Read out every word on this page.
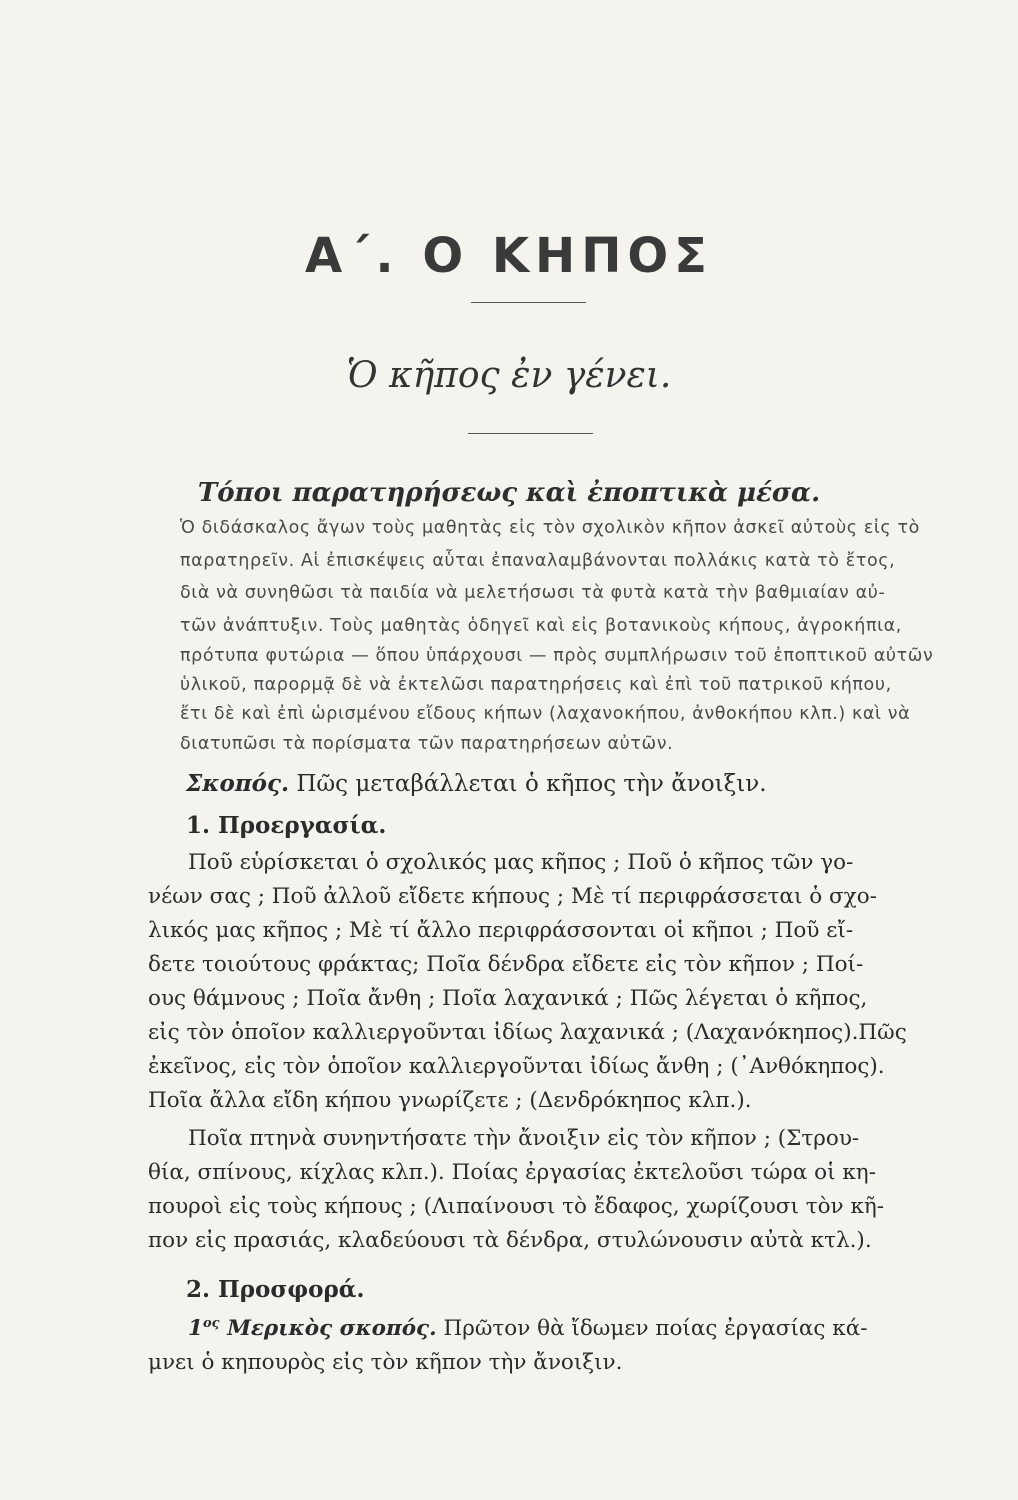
Α΄. Ο ΚΗΠΟΣ
Ὁ κῆπος ἐν γένει.
Τόποι παρατηρήσεως καὶ ἐποπτικὰ μέσα.
Ὁ διδάσκαλος ἄγων τοὺς μαθητὰς εἰς τὸν σχολικὸν κῆπον ἀσκεῖ αὐτοὺς εἰς τὸ
παρατηρεῖν. Αἱ ἐπισκέψεις αὗται ἐπαναλαμβάνονται πολλάκις κατὰ τὸ ἔτος,
διὰ νὰ συνηθῶσι τὰ παιδία νὰ μελετήσωσι τὰ φυτὰ κατὰ τὴν βαθμιαίαν αὐ-
τῶν ἀνάπτυξιν. Τοὺς μαθητὰς ὁδηγεῖ καὶ εἰς βοτανικοὺς κήπους, ἀγροκήπια,
πρότυπα φυτώρια — ὅπου ὑπάρχουσι — πρὸς συμπλήρωσιν τοῦ ἐποπτικοῦ αὐτῶν
ὑλικοῦ, παρορμᾷ δὲ νὰ ἐκτελῶσι παρατηρήσεις καὶ ἐπὶ τοῦ πατρικοῦ κήπου,
ἔτι δὲ καὶ ἐπὶ ὡρισμένου εἴδους κήπων (λαχανοκήπου, ἀνθοκήπου κλπ.) καὶ νὰ
διατυπῶσι τὰ πορίσματα τῶν παρατηρήσεων αὐτῶν.
Σκοπός. Πῶς μεταβάλλεται ὁ κῆπος τὴν ἄνοιξιν.
1. Προεργασία.
Ποῦ εὑρίσκεται ὁ σχολικός μας κῆπος ; Ποῦ ὁ κῆπος τῶν γο-
νέων σας ; Ποῦ ἀλλοῦ εἴδετε κήπους ; Μὲ τί περιφράσσεται ὁ σχο-
λικός μας κῆπος ; Μὲ τί ἄλλο περιφράσσονται οἱ κῆποι ; Ποῦ εἴ-
δετε τοιούτους φράκτας; Ποῖα δένδρα εἴδετε εἰς τὸν κῆπον ; Ποί-
ους θάμνους ; Ποῖα ἄνθη ; Ποῖα λαχανικά ; Πῶς λέγεται ὁ κῆπος,
εἰς τὸν ὁποῖον καλλιεργοῦνται ἰδίως λαχανικά ; (Λαχανόκηπος).Πῶς
ἐκεῖνος, εἰς τὸν ὁποῖον καλλιεργοῦνται ἰδίως ἄνθη ; (᾿Ανθόκηπος).
Ποῖα ἄλλα εἴδη κήπου γνωρίζετε ; (Δενδρόκηπος κλπ.).
Ποῖα πτηνὰ συνηντήσατε τὴν ἄνοιξιν εἰς τὸν κῆπον ; (Στρου-
θία, σπίνους, κίχλας κλπ.). Ποίας ἐργασίας ἐκτελοῦσι τώρα οἱ κη-
πουροὶ εἰς τοὺς κήπους ; (Λιπαίνουσι τὸ ἔδαφος, χωρίζουσι τὸν κῆ-
πον εἰς πρασιάς, κλαδεύουσι τὰ δένδρα, στυλώνουσιν αὐτὰ κτλ.).
2. Προσφορά.
$1^{o\varsigma}$ Μερικὸς σκοπός. Πρῶτον θὰ ἴδωμεν ποίας ἐργασίας κά-
μνει ὁ κηπουρὸς εἰς τὸν κῆπον τὴν ἄνοιξιν.
